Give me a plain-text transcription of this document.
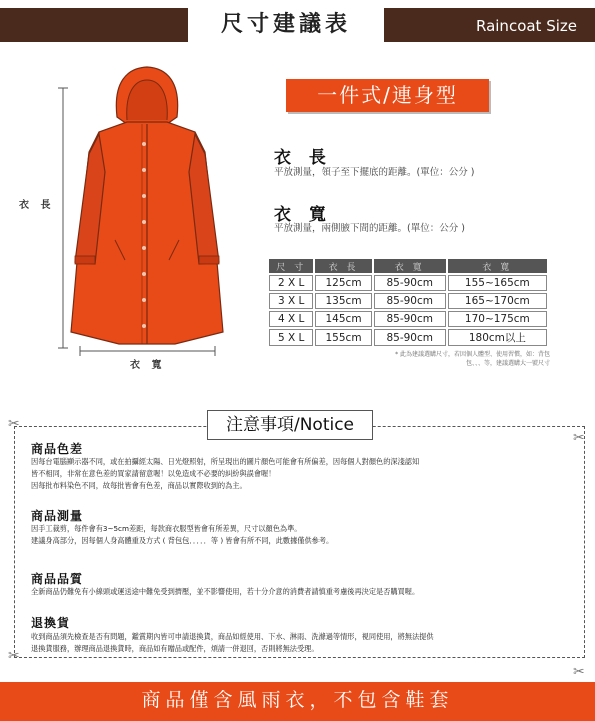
尺寸建議表	Raincoat Size
衣 長
衣 寬
一件式/連身型
衣 長
平放測量，領子至下擺底的距離。(單位：公分 )
衣 寬
平放測量，兩側腋下間的距離。(單位：公分 )
尺 寸	衣 長	衣 寬	衣 寬
2 X L	125cm	85-90cm	155~165cm
3 X L	135cm	85-90cm	165~170cm
4 X L	145cm	85-90cm	170~175cm
5 X L	155cm	85-90cm	180cm以上
* 此為建議選購尺寸，若因個人體型、使用習慣，如：背包包、、、等，建議選購大一號尺寸
✂
✂
✂
✂
注意事項/Notice
商品色差
因每台電腦顯示器不同，或在拍攝經太陽、日光燈照射，所呈現出的圖片顏色可能會有所偏差，因每個人對顏色的深淺認知
皆不相同，非常在意色差的買家請留意喔！以免造成不必要的糾紛與誤會喔！
因每批布料染色不同，故每批皆會有色差，商品以實際收到的為主。
商品測量
因手工裁剪，每件會有3~5cm差距，每款商衣服型皆會有所差異，尺寸以顏色為準。
建議身高部分，因每個人身高體重及方式 ( 背包包．．．．．等 ) 皆會有所不同，此數據僅供參考。
商品品質
全新商品仍難免有小線頭或運送途中難免受到擠壓，並不影響使用，若十分介意的消費者請慎重考慮後再決定是否購買喔。
退換貨
收到商品須先檢查是否有問題，鑑賞期內皆可申請退換貨，商品如經使用、下水、淋雨、洗滌過等情形，視同使用，將無法提供
退換貨服務，辦理商品退換貨時，商品如有贈品或配件，煩請一併退回，否則將無法受理。
商品僅含風雨衣，不包含鞋套
